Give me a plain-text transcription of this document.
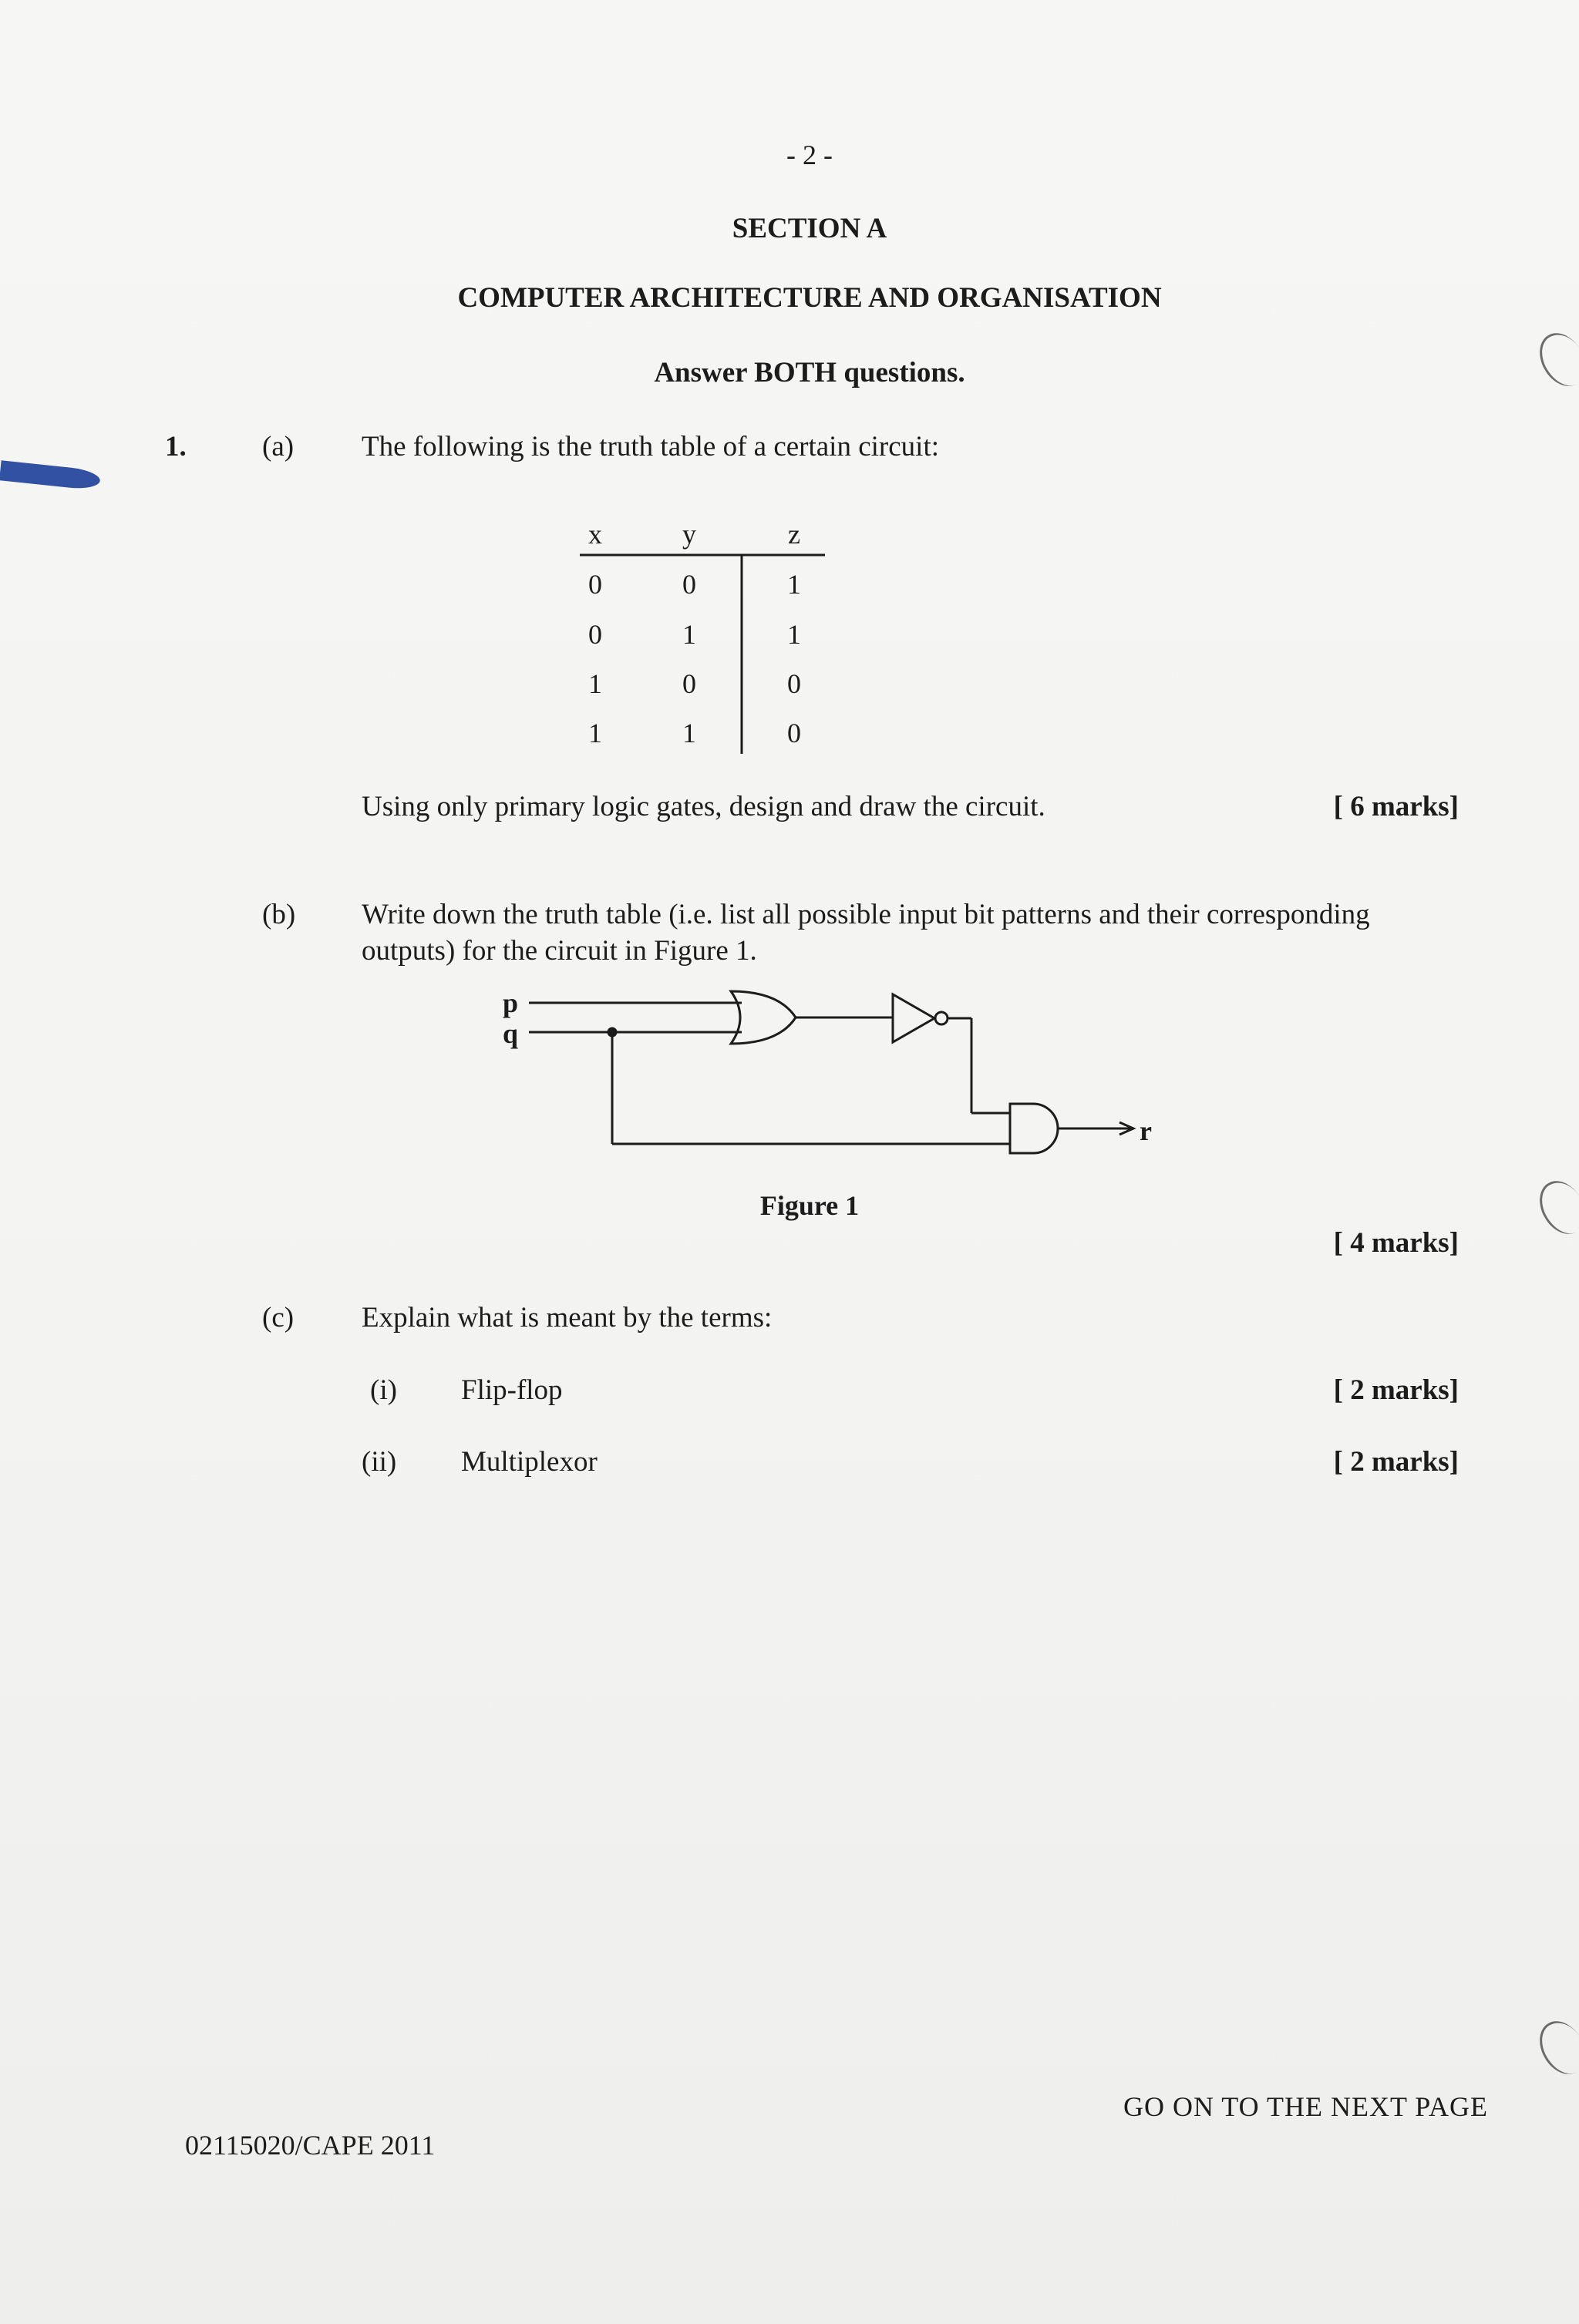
- 2 -
SECTION A
COMPUTER ARCHITECTURE AND ORGANISATION
Answer BOTH questions.
1.	(a) The following is the truth table of a certain circuit:
x	y	z
0	0	1
0	1	1
1	0	0
1	1	0
Using only primary logic gates, design and draw the circuit.	[ 6 marks]
(b) Write down the truth table (i.e. list all possible input bit patterns and their corresponding
outputs) for the circuit in Figure 1.
p
q
r
Figure 1
[ 4 marks]
(c) Explain what is meant by the terms:
(i) Flip-flop	[ 2 marks]
(ii) Multiplexor	[ 2 marks]
GO ON TO THE NEXT PAGE
02115020/CAPE 2011
